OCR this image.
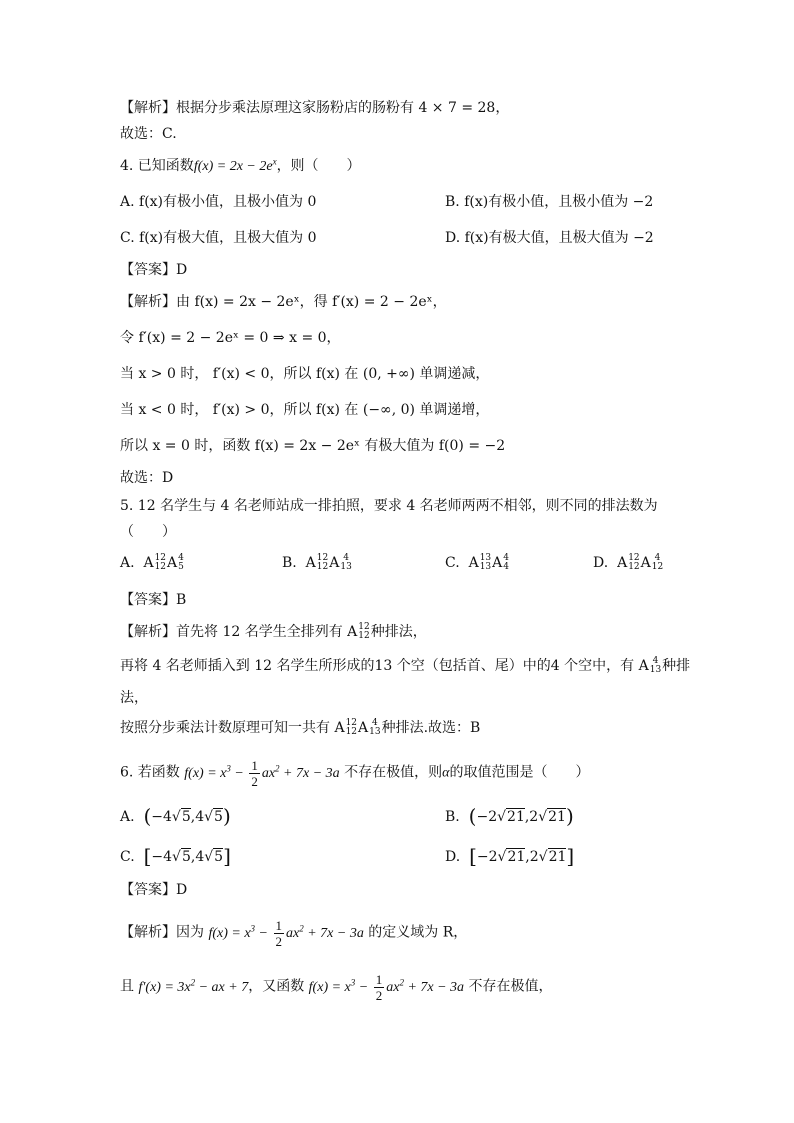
【解析】根据分步乘法原理这家肠粉店的肠粉有 4 × 7 = 28，
故选：C.
4. 已知函数$f(x) = 2x - 2e^x$，则（　　）
A. f(x)有极小值，且极小值为 0	B. f(x)有极小值，且极小值为 −2
C. f(x)有极大值，且极大值为 0	D. f(x)有极大值，且极大值为 −2
【答案】D
【解析】由 f(x) = 2x − 2eˣ，得 f′(x) = 2 − 2eˣ，
令 f′(x) = 2 − 2eˣ = 0 ⇒ x = 0，
当 x > 0 时， f′(x) < 0，所以 f(x) 在 (0, +∞) 单调递减，
当 x < 0 时， f′(x) > 0，所以 f(x) 在 (−∞, 0) 单调递增，
所以 x = 0 时，函数 f(x) = 2x − 2eˣ 有极大值为 f(0) = −2
故选：D
5. 12 名学生与 4 名老师站成一排拍照，要求 4 名老师两两不相邻，则不同的排法数为
（　　）
A.  A12
12A4
5	B.  A12
12A 4
13	C.  A13
13A4
4	D.  A12
12A 4
12
【答案】B
【解析】首先将 12 名学生全排列有 A12
12种排法，
再将 4 名老师插入到 12 名学生所形成的13 个空（包括首、尾）中的4 个空中，有 A 4
13种排
法，
按照分步乘法计数原理可知一共有 A12
12A 4
13种排法.故选：B
6. 若函数 $f(x) = x^3 - \frac{1}{2} ax^2 + 7x - 3a$ 不存在极值，则α的取值范围是（　　）
A. (−4√5,4√5)	B. (−2√21,2√21)
C. [−4√5,4√5]	D. [−2√21,2√21]
【答案】D
【解析】因为 $f(x) = x^3 - \frac{1}{2} ax^2 + 7x - 3a$ 的定义域为 R，
且 $f'(x) = 3x^2$ − ax + 7，又函数 $f(x) = x^3 - \frac{1}{2} ax^2 + 7x - 3a$ 不存在极值，
